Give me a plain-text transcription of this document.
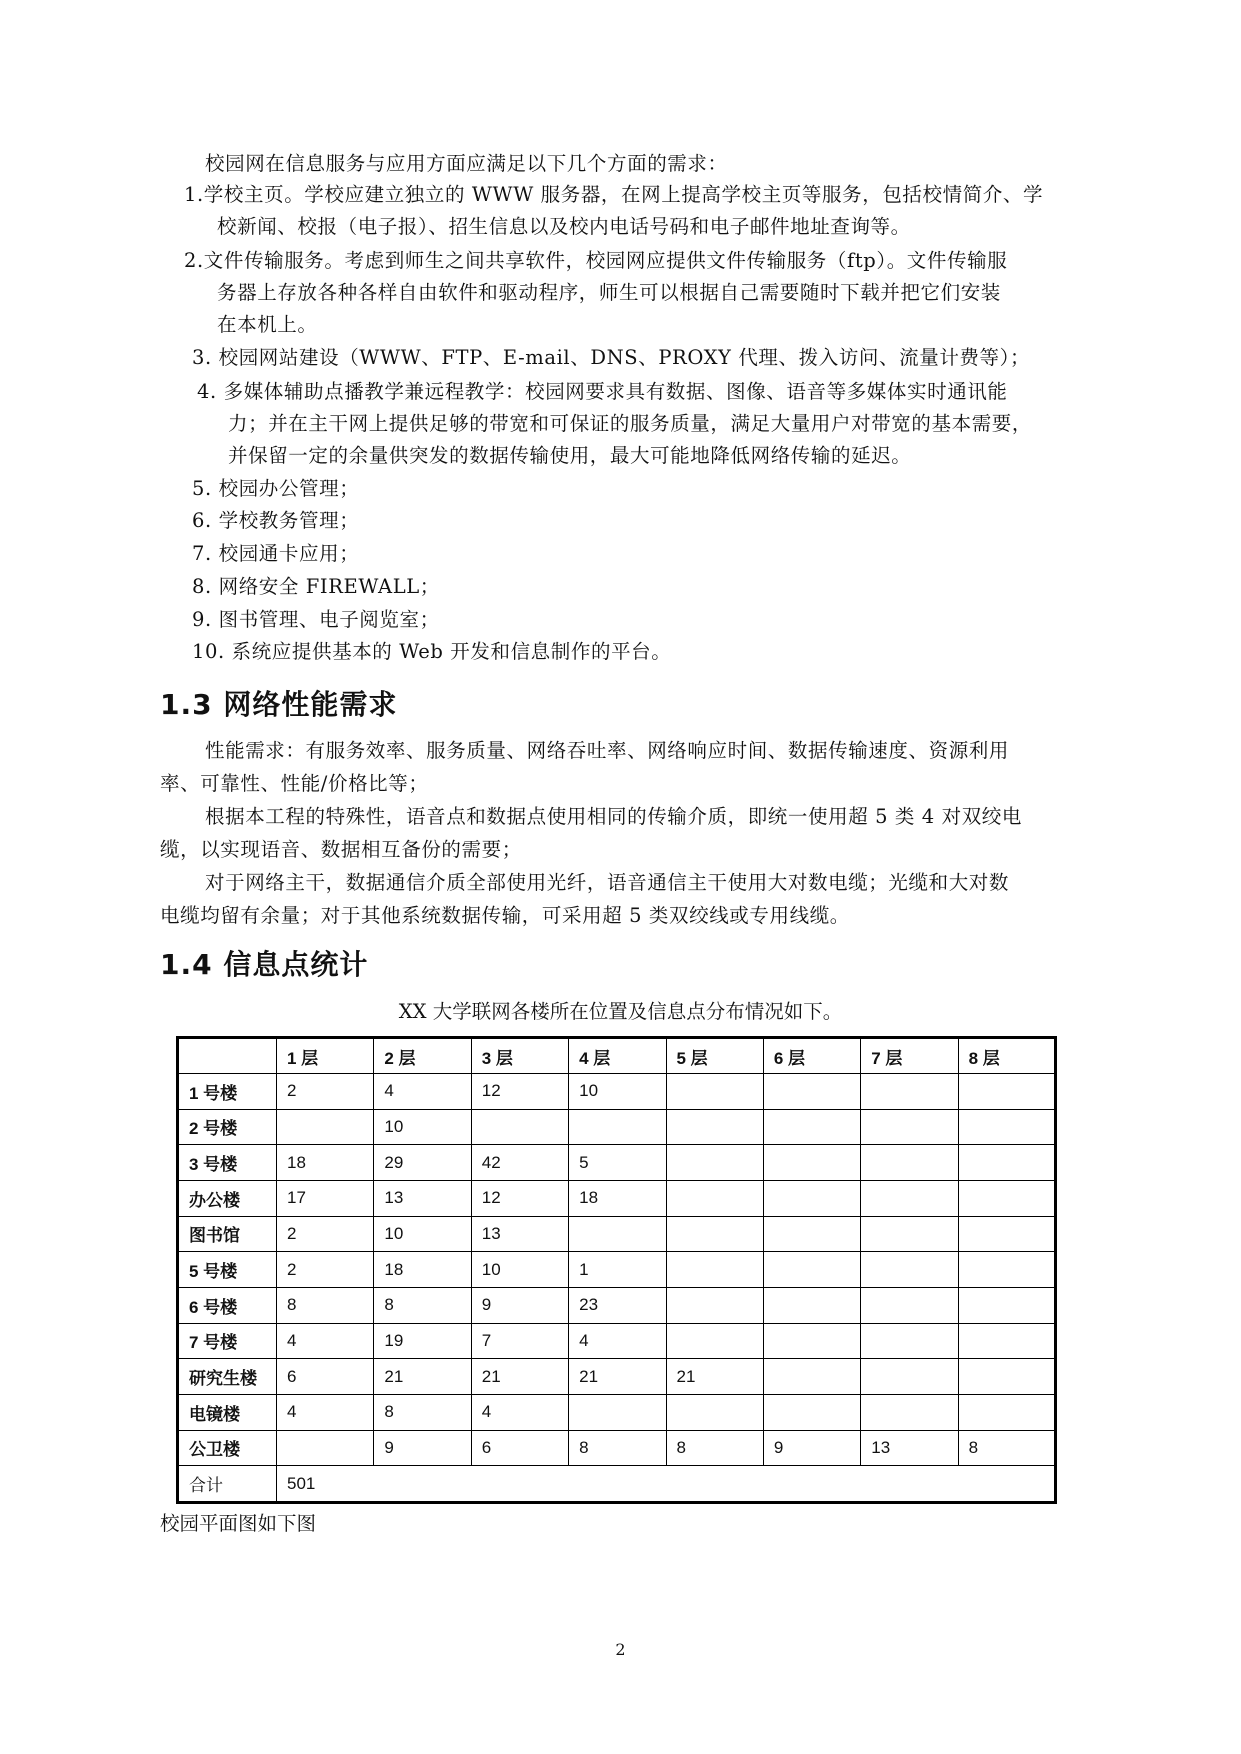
校园网在信息服务与应用方面应满足以下几个方面的需求：
1.学校主页。学校应建立独立的 WWW 服务器，在网上提高学校主页等服务，包括校情简介、学
校新闻、校报（电子报）、招生信息以及校内电话号码和电子邮件地址查询等。
2.文件传输服务。考虑到师生之间共享软件，校园网应提供文件传输服务（ftp）。文件传输服
务器上存放各种各样自由软件和驱动程序，师生可以根据自己需要随时下载并把它们安装
在本机上。
3. 校园网站建设（WWW、FTP、E-mail、DNS、PROXY 代理、拨入访问、流量计费等）；
4. 多媒体辅助点播教学兼远程教学：校园网要求具有数据、图像、语音等多媒体实时通讯能
力；并在主干网上提供足够的带宽和可保证的服务质量，满足大量用户对带宽的基本需要，
并保留一定的余量供突发的数据传输使用，最大可能地降低网络传输的延迟。
5. 校园办公管理；
6. 学校教务管理；
7. 校园通卡应用；
8. 网络安全 FIREWALL；
9. 图书管理、电子阅览室；
10. 系统应提供基本的 Web 开发和信息制作的平台。
1.3 网络性能需求
性能需求：有服务效率、服务质量、网络吞吐率、网络响应时间、数据传输速度、资源利用
率、可靠性、性能/价格比等；
根据本工程的特殊性，语音点和数据点使用相同的传输介质，即统一使用超 5 类 4 对双绞电
缆，以实现语音、数据相互备份的需要；
对于网络主干，数据通信介质全部使用光纤，语音通信主干使用大对数电缆；光缆和大对数
电缆均留有余量；对于其他系统数据传输，可采用超 5 类双绞线或专用线缆。
1.4 信息点统计
XX 大学联网各楼所在位置及信息点分布情况如下。
	1 层	2 层	3 层	4 层	5 层	6 层	7 层	8 层
1 号楼	2	4	12	10				
2 号楼		10						
3 号楼	18	29	42	5				
办公楼	17	13	12	18				
图书馆	2	10	13					
5 号楼	2	18	10	1				
6 号楼	8	8	9	23				
7 号楼	4	19	7	4				
研究生楼	6	21	21	21	21			
电镜楼	4	8	4					
公卫楼		9	6	8	8	9	13	8
合计	501							
校园平面图如下图
2
